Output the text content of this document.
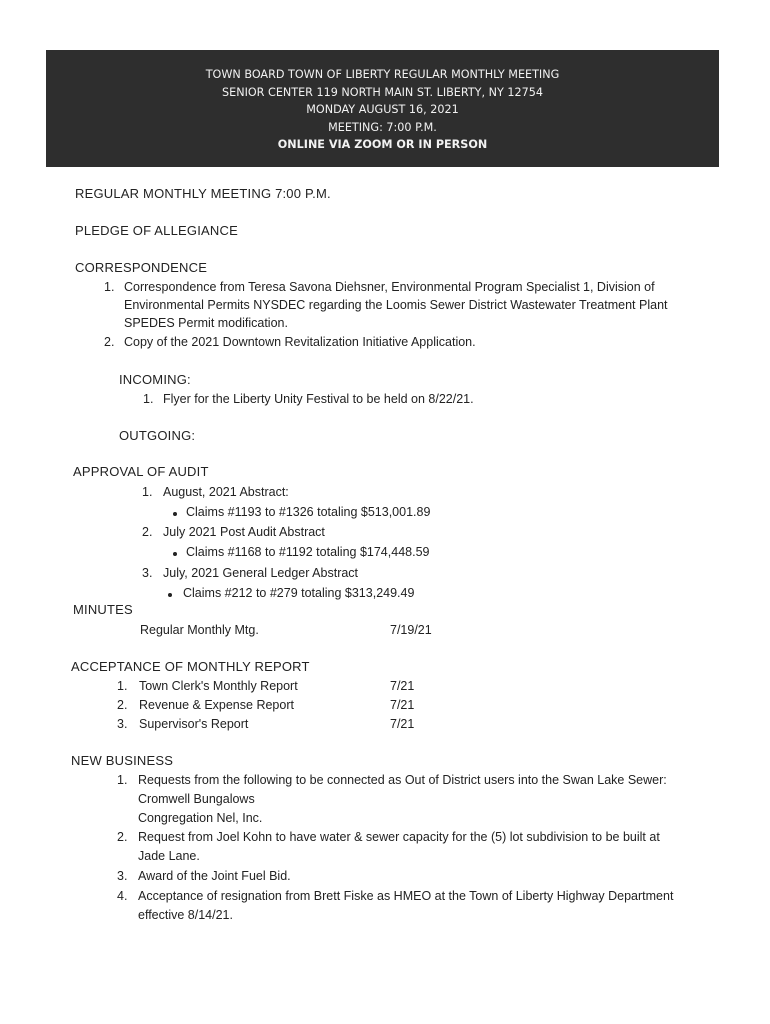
TOWN BOARD TOWN OF LIBERTY REGULAR MONTHLY MEETING
SENIOR CENTER 119 NORTH MAIN ST. LIBERTY, NY 12754
MONDAY AUGUST 16, 2021
MEETING: 7:00 P.M.
ONLINE VIA ZOOM OR IN PERSON
REGULAR MONTHLY MEETING 7:00 P.M.
PLEDGE OF ALLEGIANCE
CORRESPONDENCE
1. Correspondence from Teresa Savona Diehsner, Environmental Program Specialist 1, Division of
Environmental Permits NYSDEC regarding the Loomis Sewer District Wastewater Treatment Plant
SPEDES Permit modification.
2. Copy of the 2021 Downtown Revitalization Initiative Application.
INCOMING:
1. Flyer for the Liberty Unity Festival to be held on 8/22/21.
OUTGOING:
APPROVAL OF AUDIT
1. August, 2021 Abstract:
Claims #1193 to #1326 totaling $513,001.89
2. July 2021 Post Audit Abstract
Claims #1168 to #1192 totaling $174,448.59
3. July, 2021 General Ledger Abstract
Claims #212 to #279 totaling $313,249.49
MINUTES
Regular Monthly Mtg.	7/19/21
ACCEPTANCE OF MONTHLY REPORT
1. Town Clerk's Monthly Report	7/21
2. Revenue & Expense Report	7/21
3. Supervisor's Report	7/21
NEW BUSINESS
1. Requests from the following to be connected as Out of District users into the Swan Lake Sewer:
Cromwell Bungalows
Congregation Nel, Inc.
2. Request from Joel Kohn to have water & sewer capacity for the (5) lot subdivision to be built at
Jade Lane.
3. Award of the Joint Fuel Bid.
4. Acceptance of resignation from Brett Fiske as HMEO at the Town of Liberty Highway Department
effective 8/14/21.
